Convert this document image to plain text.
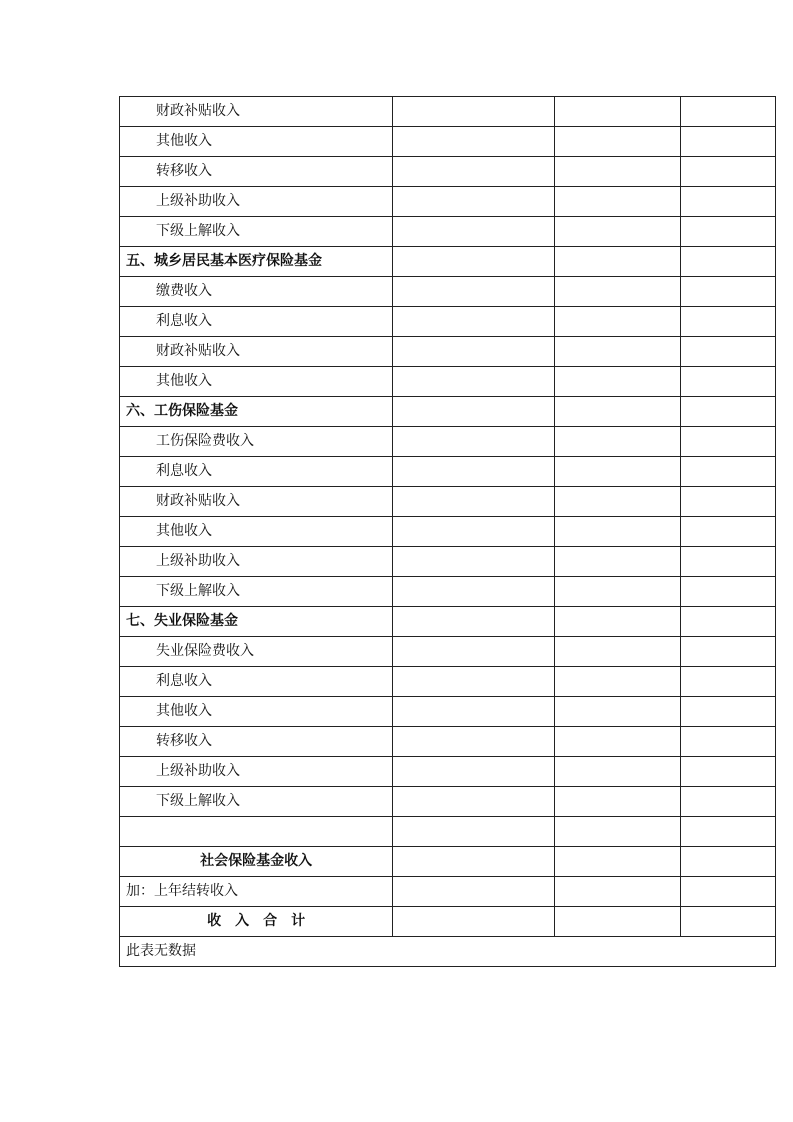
财政补贴收入			
其他收入			
转移收入			
上级补助收入			
下级上解收入			
五、城乡居民基本医疗保险基金			
缴费收入			
利息收入			
财政补贴收入			
其他收入			
六、工伤保险基金			
工伤保险费收入			
利息收入			
财政补贴收入			
其他收入			
上级补助收入			
下级上解收入			
七、失业保险基金			
失业保险费收入			
利息收入			
其他收入			
转移收入			
上级补助收入			
下级上解收入			

社会保险基金收入			
加：上年结转收入			
收入合计			
此表无数据			
